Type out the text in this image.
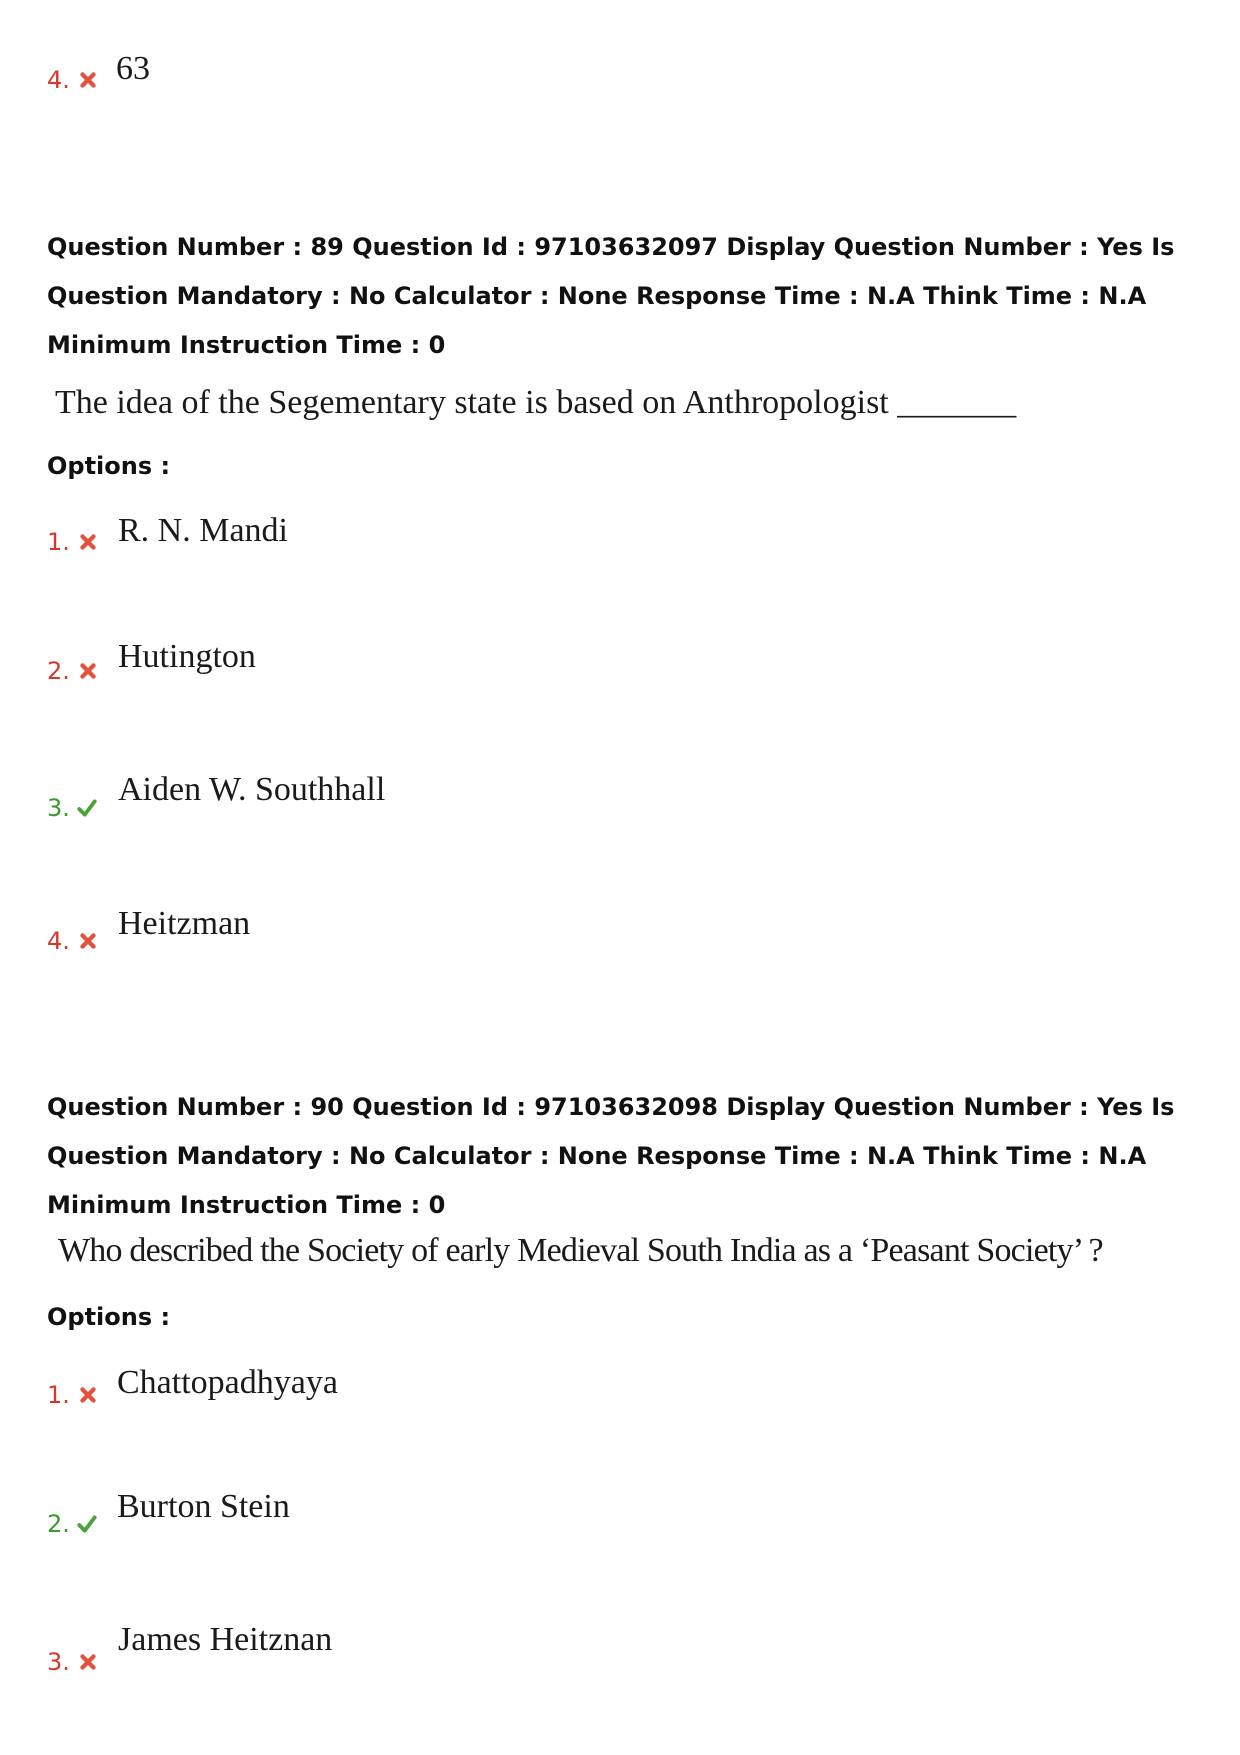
4. 63
Question Number : 89 Question Id : 97103632097 Display Question Number : Yes Is Question Mandatory : No Calculator : None Response Time : N.A Think Time : N.A Minimum Instruction Time : 0
The idea of the Segementary state is based on Anthropologist _______
Options :
1. R. N. Mandi
2. Hutington
3. Aiden W. Southhall
4. Heitzman
Question Number : 90 Question Id : 97103632098 Display Question Number : Yes Is Question Mandatory : No Calculator : None Response Time : N.A Think Time : N.A Minimum Instruction Time : 0
Who described the Society of early Medieval South India as a ‘Peasant Society’ ?
Options :
1. Chattopadhyaya
2. Burton Stein
3.
James Heitznan
